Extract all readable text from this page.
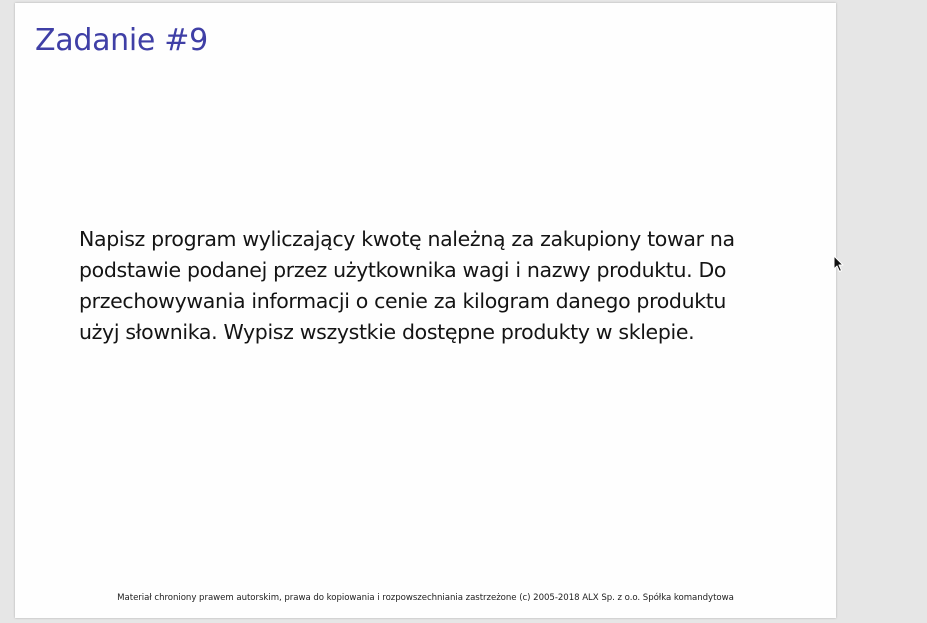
Zadanie #9

Napisz program wyliczający kwotę należną za zakupiony towar na
podstawie podanej przez użytkownika wagi i nazwy produktu. Do
przechowywania informacji o cenie za kilogram danego produktu
użyj słownika. Wypisz wszystkie dostępne produkty w sklepie.

Materiał chroniony prawem autorskim, prawa do kopiowania i rozpowszechniania zastrzeżone (c) 2005-2018 ALX Sp. z o.o. Spółka komandytowa
